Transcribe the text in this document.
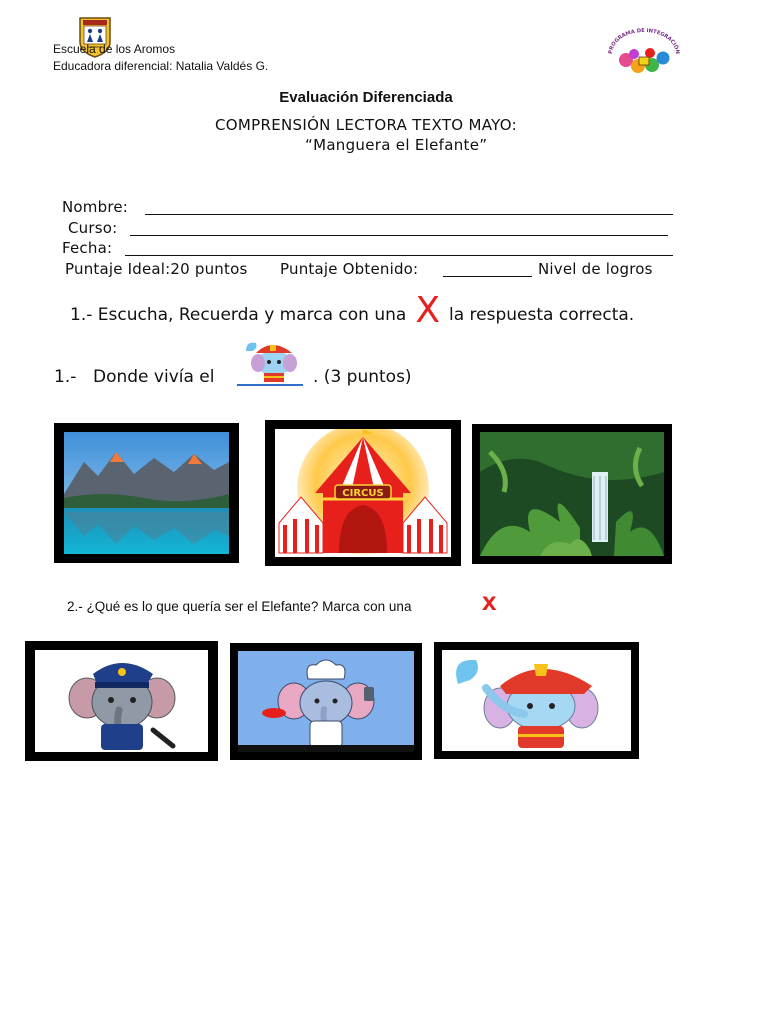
PROGRAMA DE INTEGRACIÓN
Escuela de los Aromos
Educadora diferencial: Natalia Valdés G.
Evaluación Diferenciada
COMPRENSIÓN LECTORA TEXTO MAYO:
“Manguera el Elefante”
Nombre:
Curso:
Fecha:
Puntaje Ideal:20 puntos Puntaje Obtenido:	Nivel de logros
1.- Escucha, Recuerda y marca con una X la respuesta correcta.
1.- Donde vivía el	. (3 puntos)
CIRCUS
2.- ¿Qué es lo que quería ser el Elefante? Marca con una	x
